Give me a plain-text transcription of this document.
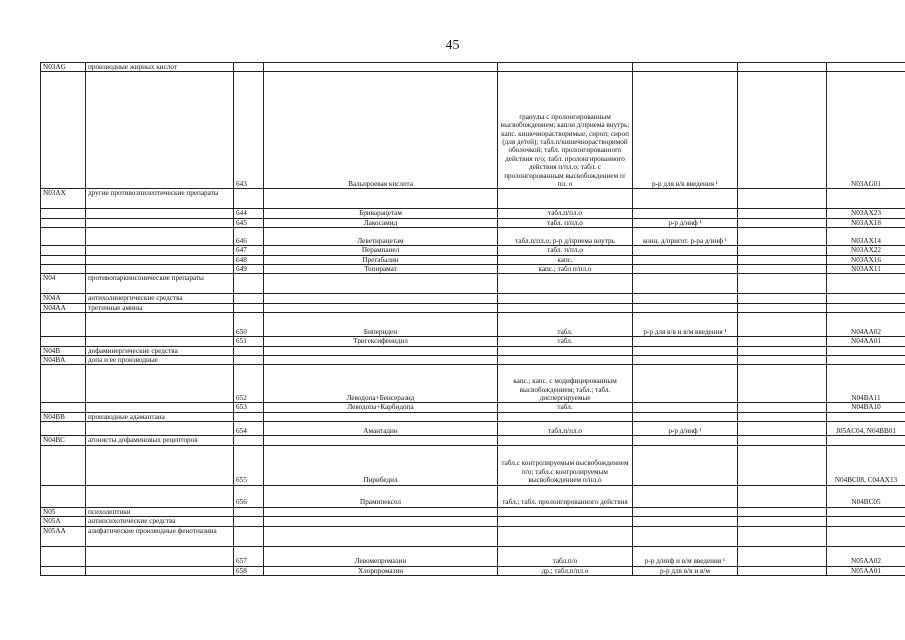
45
N03AG	производные жирных кислот						
		643	Вальпроевая кислота	гранулы с пролонгированным высвобождением; капли д/приема внутрь; капс. кишечнорастворимые; сироп; сироп (для детей); табл.п/кишечнорастворимой оболочкой; табл. пролонгированного действия п/о; табл. пролонгированного действия п/пл.о; табл. с пролонгированным высвобождением п/пл. о	р-р для в/в введения ¹		N03AG01
N03AX	другие противоэпилептические препараты						
		644	Бриварацетам	табл.п/пл.о			N03AX23
		645	Лакосамид	табл. п/пл.о	р-р д/инф ¹		N03AX18
		646	Леветирацетам	табл.п/пл.о; р-р д/приема внутрь	конц. д/пригот. р-ра д/инф ¹		N03AX14
		647	Перампанел	табл. п/пл.о			N03AX22
		648	Прегабалин	капс.			N03AX16
		649	Топирамат	капс.; табл п/пл.о			N03AX11
N04	противопаркинсонические препараты						
N04A	антихолинергические средства						
N04AA	третичные амины						
		650	Бипериден	табл.	р-р для в/в и в/м введения ¹		N04AA02
		651	Тригексифенидил	табл.			N04AA01
N04B	дофаминергические средства						
N04BA	допа и ее производные						
		652	Леводопа+Бенсеразид	капс.; капс. с модифицированным высвобождением; табл.; табл. диспергируемые			N04BA11
		653	Леводопа+Карбидопа	табл.			N04BA10
N04BB	производные адамантана						
		654	Амантадин	табл.п/пл.о	р-р д/инф ¹		J05AC04, N04BB01
N04BC	агонисты дофаминовых рецепторов						
		655	Пирибедил	табл.с контролируемым высвобождением п/о; табл.с контролируемым высвобождением п/пл.о			N04BC08, C04AX13
		656	Прамипексол	табл.; табл. пролонгированного действия			N04BC05
N05	психолептики						
N05A	антипсихотические средства						
N05AA	алифатические производные фенотиазина						
		657	Левомепромазин	табл.п/о	р-р д/инф и в/м введения ¹		N05AA02
		658	Хлорпромазин	др.; табл.п/пл.о	р-р для в/в и в/м		N05AA01
